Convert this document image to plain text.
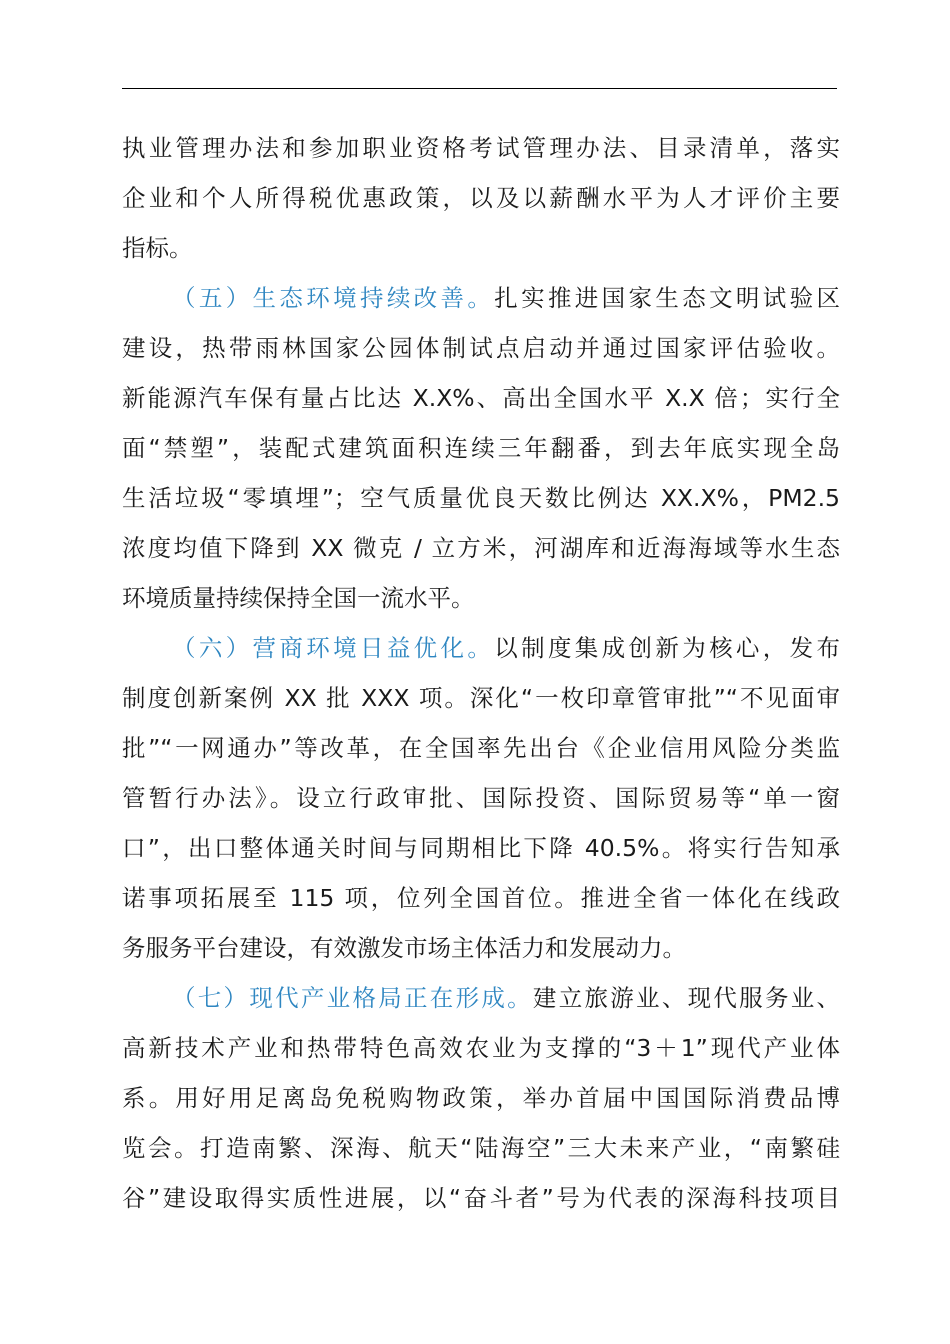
执业管理办法和参加职业资格考试管理办法、目录清单，落实
企业和个人所得税优惠政策，以及以薪酬水平为人才评价主要
指标。
（五）生态环境持续改善。扎实推进国家生态文明试验区
建设，热带雨林国家公园体制试点启动并通过国家评估验收。
新能源汽车保有量占比达 X.X%、高出全国水平 X.X 倍；实行全
面“禁塑”，装配式建筑面积连续三年翻番，到去年底实现全岛
生活垃圾“零填埋”；空气质量优良天数比例达 XX.X%，PM2.5
浓度均值下降到 XX 微克 / 立方米，河湖库和近海海域等水生态
环境质量持续保持全国一流水平。
（六）营商环境日益优化。以制度集成创新为核心，发布
制度创新案例 XX 批 XXX 项。深化“一枚印章管审批”“不见面审
批”“一网通办”等改革，在全国率先出台《企业信用风险分类监
管暂行办法》。设立行政审批、国际投资、国际贸易等“单一窗
口”，出口整体通关时间与同期相比下降 40.5%。将实行告知承
诺事项拓展至 115 项，位列全国首位。推进全省一体化在线政
务服务平台建设，有效激发市场主体活力和发展动力。
（七）现代产业格局正在形成。建立旅游业、现代服务业、
高新技术产业和热带特色高效农业为支撑的“3＋1”现代产业体
系。用好用足离岛免税购物政策，举办首届中国国际消费品博
览会。打造南繁、深海、航天“陆海空”三大未来产业，“南繁硅
谷”建设取得实质性进展，以“奋斗者”号为代表的深海科技项目
